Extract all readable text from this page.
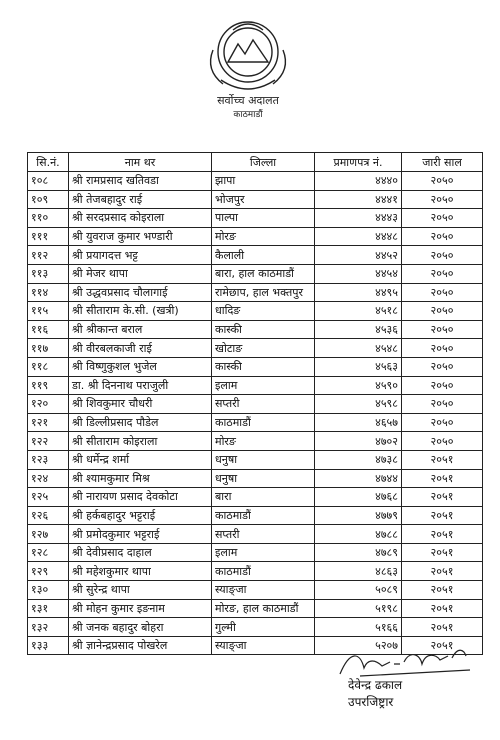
सर्वोच्च अदालत
काठमाडौं
सि.नं.	नाम थर	जिल्ला	प्रमाणपत्र नं.	जारी साल
१०८	श्री रामप्रसाद खतिवडा	झापा	४४४०	२०५०
१०९	श्री तेजबहादुर राई	भोजपुर	४४४१	२०५०
११०	श्री सरदप्रसाद कोइराला	पाल्पा	४४४३	२०५०
१११	श्री युवराज कुमार भण्डारी	मोरङ	४४४८	२०५०
११२	श्री प्रयागदत्त भट्ट	कैलाली	४४५२	२०५०
११३	श्री मेजर थापा	बारा, हाल काठमाडौं	४४५४	२०५०
११४	श्री उद्धवप्रसाद चौलागाई	रामेछाप, हाल भक्तपुर	४४९५	२०५०
११५	श्री सीताराम के.सी. (खत्री)	धादिङ	४५१८	२०५०
११६	श्री श्रीकान्त बराल	कास्की	४५३६	२०५०
११७	श्री वीरबलकाजी राई	खोटाङ	४५४८	२०५०
११८	श्री विष्णुकुशल भुजेल	कास्की	४५६३	२०५०
११९	डा. श्री दिननाथ पराजुली	इलाम	४५९०	२०५०
१२०	श्री शिवकुमार चौधरी	सप्तरी	४५९८	२०५०
१२१	श्री डिल्लीप्रसाद पौडेल	काठमाडौं	४६५७	२०५०
१२२	श्री सीताराम कोइराला	मोरङ	४७०२	२०५०
१२३	श्री धर्मेन्द्र शर्मा	धनुषा	४७३८	२०५१
१२४	श्री श्यामकुमार मिश्र	धनुषा	४७४४	२०५१
१२५	श्री नारायण प्रसाद देवकोटा	बारा	४७६८	२०५१
१२६	श्री हर्कबहादुर भट्टराई	काठमाडौं	४७७९	२०५१
१२७	श्री प्रमोदकुमार भट्टराई	सप्तरी	४७८८	२०५१
१२८	श्री देवीप्रसाद दाहाल	इलाम	४७८९	२०५१
१२९	श्री महेशकुमार थापा	काठमाडौं	४८६३	२०५१
१३०	श्री सुरेन्द्र थापा	स्याङ्जा	५०८९	२०५१
१३१	श्री मोहन कुमार इङनाम	मोरङ, हाल काठमाडौं	५१९८	२०५१
१३२	श्री जनक बहादुर बोहरा	गुल्मी	५१६६	२०५१
१३३	श्री ज्ञानेन्द्रप्रसाद पोखरेल	स्याङ्जा	५२०७	२०५१
देवेन्द्र ढकाल
उपरजिष्ट्रार
